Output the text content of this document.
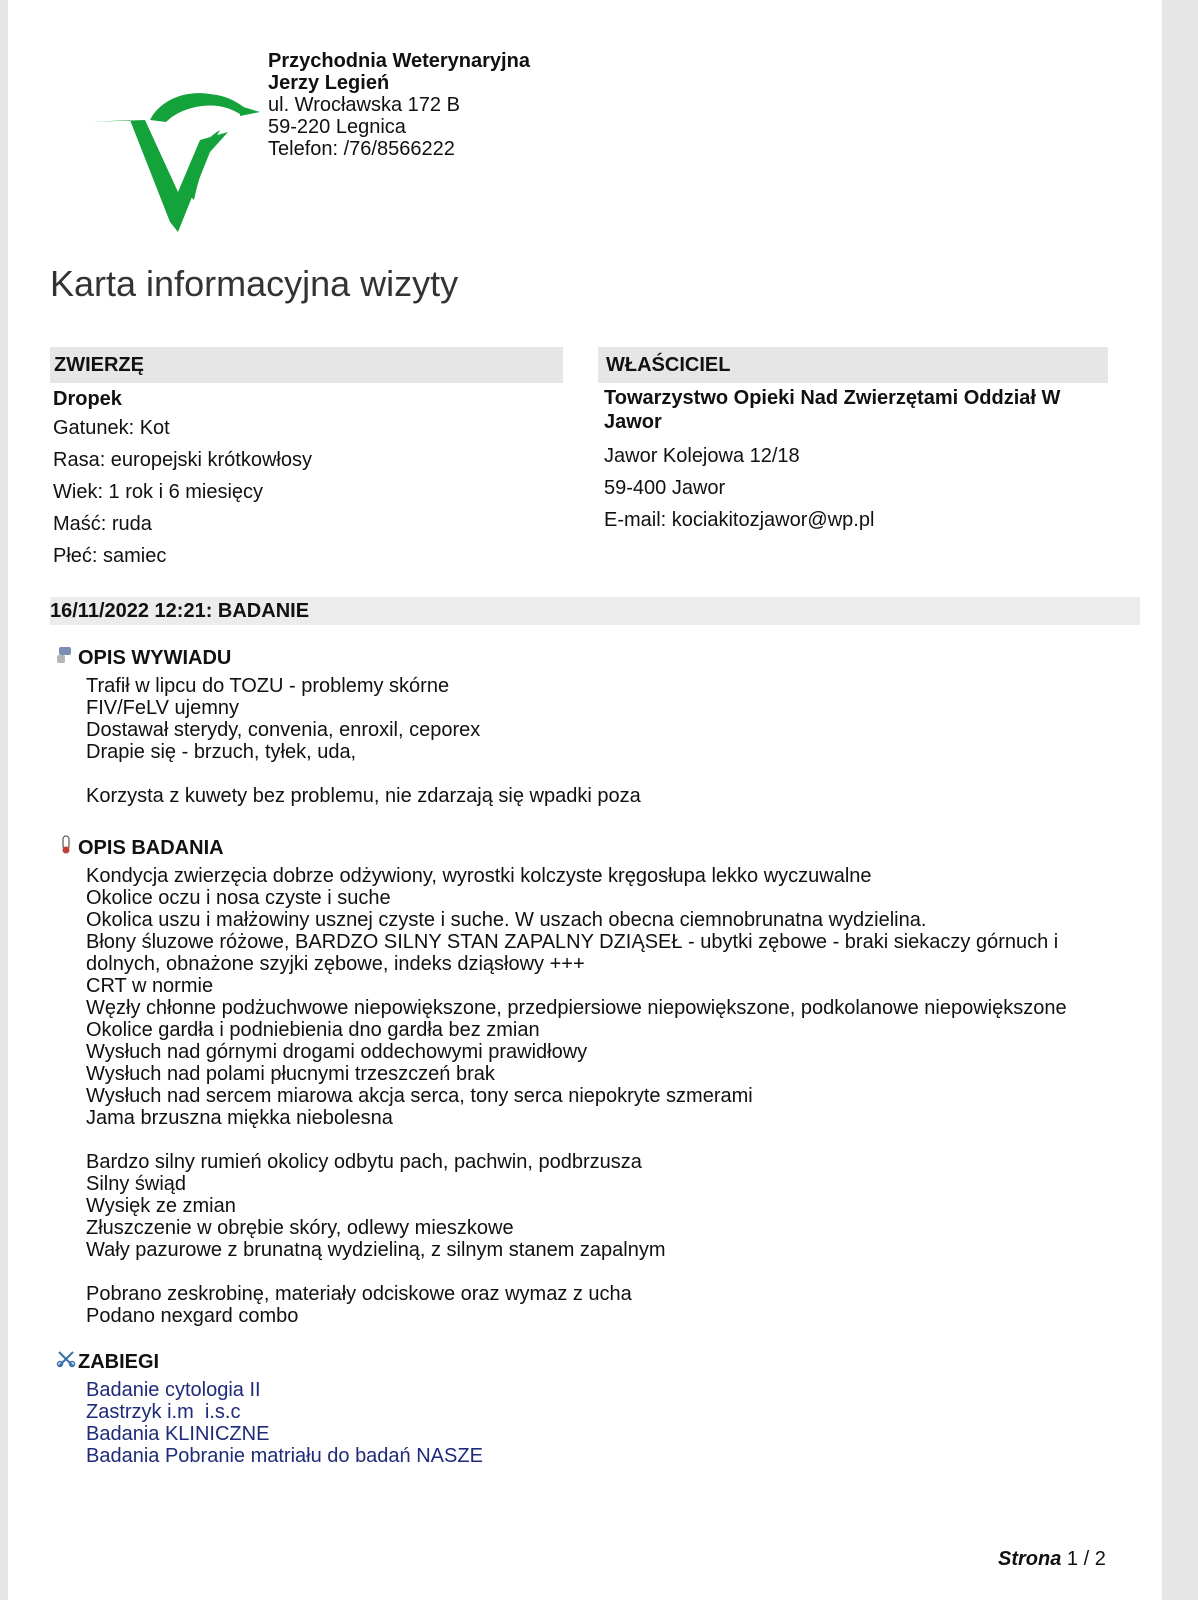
Przychodnia Weterynaryjna
Jerzy Legień
ul. Wrocławska 172 B
59-220 Legnica
Telefon: /76/8566222
Karta informacyjna wizyty
ZWIERZĘ	WŁAŚCICIEL
Dropek
Gatunek: Kot
Rasa: europejski krótkowłosy
Wiek: 1 rok i 6 miesięcy
Maść: ruda
Płeć: samiec
Towarzystwo Opieki Nad Zwierzętami Oddział W Jawor
Jawor Kolejowa 12/18
59-400 Jawor
E-mail: kociakitozjawor@wp.pl
16/11/2022 12:21: BADANIE
OPIS WYWIADU
Trafił w lipcu do TOZU - problemy skórne
FIV/FeLV ujemny
Dostawał sterydy, convenia, enroxil, ceporex
Drapie się - brzuch, tyłek, uda,
Korzysta z kuwety bez problemu, nie zdarzają się wpadki poza
OPIS BADANIA
Kondycja zwierzęcia dobrze odżywiony, wyrostki kolczyste kręgosłupa lekko wyczuwalne
Okolice oczu i nosa czyste i suche
Okolica uszu i małżowiny usznej czyste i suche. W uszach obecna ciemnobrunatna wydzielina.
Błony śluzowe różowe, BARDZO SILNY STAN ZAPALNY DZIĄSEŁ - ubytki zębowe - braki siekaczy górnuch i
dolnych, obnażone szyjki zębowe, indeks dziąsłowy +++
CRT w normie
Węzły chłonne podżuchwowe niepowiększone, przedpiersiowe niepowiększone, podkolanowe niepowiększone
Okolice gardła i podniebienia dno gardła bez zmian
Wysłuch nad górnymi drogami oddechowymi prawidłowy
Wysłuch nad polami płucnymi trzeszczeń brak
Wysłuch nad sercem miarowa akcja serca, tony serca niepokryte szmerami
Jama brzuszna miękka niebolesna
Bardzo silny rumień okolicy odbytu pach, pachwin, podbrzusza
Silny świąd
Wysięk ze zmian
Złuszczenie w obrębie skóry, odlewy mieszkowe
Wały pazurowe z brunatną wydzieliną, z silnym stanem zapalnym
Pobrano zeskrobinę, materiały odciskowe oraz wymaz z ucha
Podano nexgard combo
ZABIEGI
Badanie cytologia II
Zastrzyk i.m  i.s.c
Badania KLINICZNE
Badania Pobranie matriału do badań NASZE
Strona 1 / 2
